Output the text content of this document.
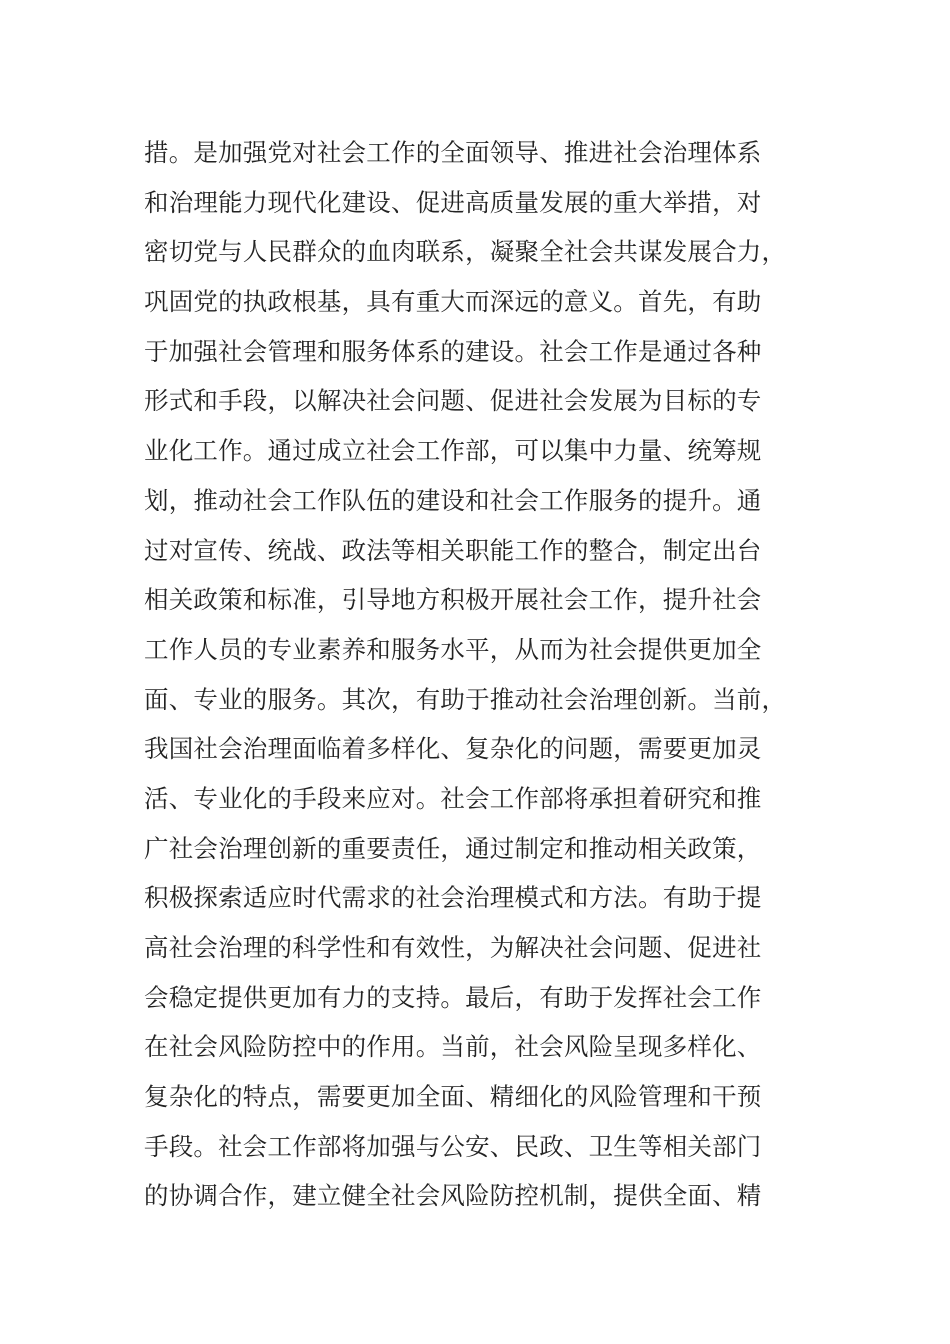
措。是加强党对社会工作的全面领导、推进社会治理体系
和治理能力现代化建设、促进高质量发展的重大举措，对
密切党与人民群众的血肉联系，凝聚全社会共谋发展合力，
巩固党的执政根基，具有重大而深远的意义。首先，有助
于加强社会管理和服务体系的建设。社会工作是通过各种
形式和手段，以解决社会问题、促进社会发展为目标的专
业化工作。通过成立社会工作部，可以集中力量、统筹规
划，推动社会工作队伍的建设和社会工作服务的提升。通
过对宣传、统战、政法等相关职能工作的整合，制定出台
相关政策和标准，引导地方积极开展社会工作，提升社会
工作人员的专业素养和服务水平，从而为社会提供更加全
面、专业的服务。其次，有助于推动社会治理创新。当前，
我国社会治理面临着多样化、复杂化的问题，需要更加灵
活、专业化的手段来应对。社会工作部将承担着研究和推
广社会治理创新的重要责任，通过制定和推动相关政策，
积极探索适应时代需求的社会治理模式和方法。有助于提
高社会治理的科学性和有效性，为解决社会问题、促进社
会稳定提供更加有力的支持。最后，有助于发挥社会工作
在社会风险防控中的作用。当前，社会风险呈现多样化、
复杂化的特点，需要更加全面、精细化的风险管理和干预
手段。社会工作部将加强与公安、民政、卫生等相关部门
的协调合作，建立健全社会风险防控机制，提供全面、精
